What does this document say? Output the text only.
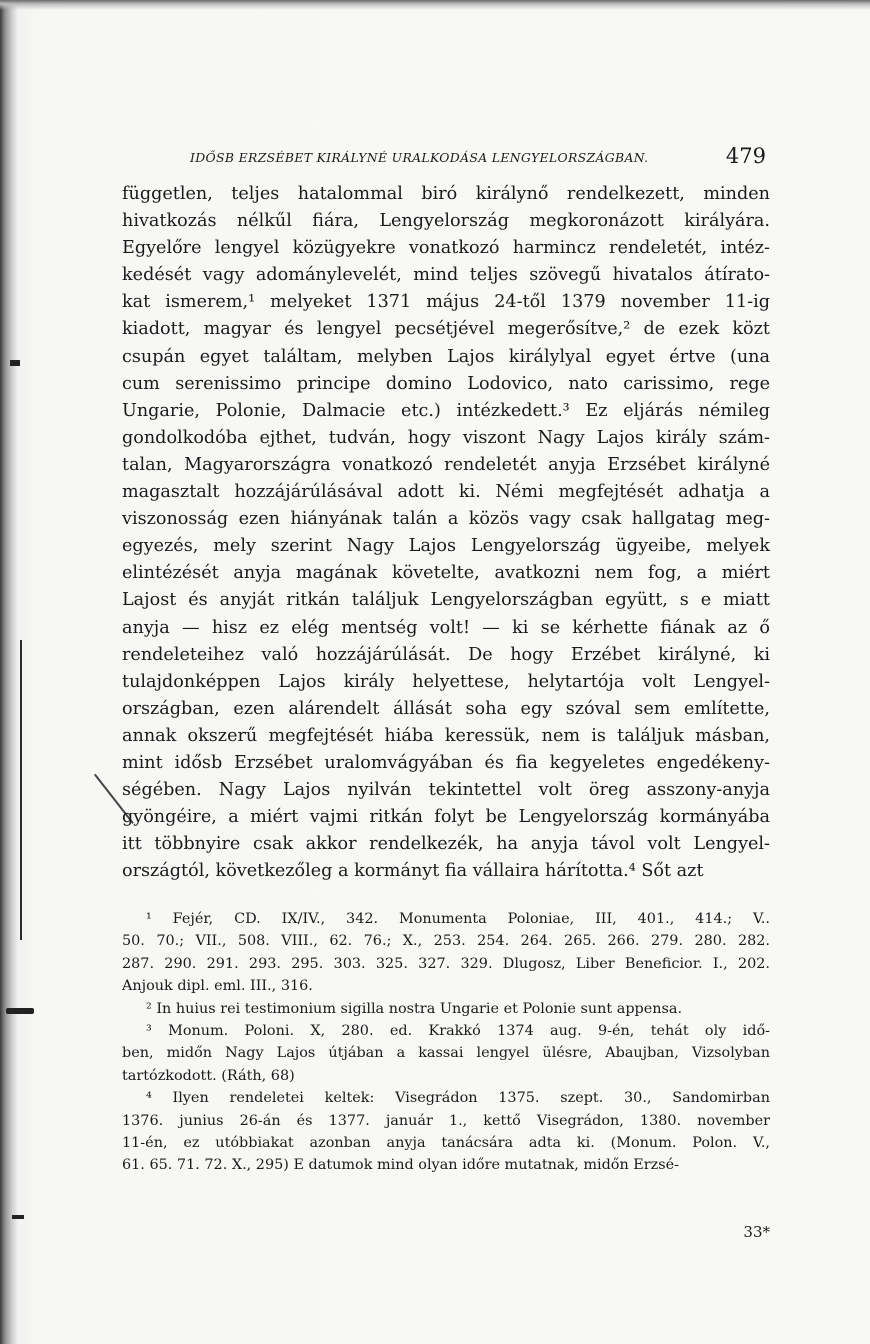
IDŐSB ERZSÉBET KIRÁLYNÉ URALKODÁSA LENGYELORSZÁGBAN.	479
független, teljes hatalommal biró királynő rendelkezett, minden
hivatkozás nélkűl fiára, Lengyelország megkoronázott királyára.
Egyelőre lengyel közügyekre vonatkozó harmincz rendeletét, intéz-
kedését vagy adománylevelét, mind teljes szövegű hivatalos átírato-
kat ismerem,¹ melyeket 1371 május 24-től 1379 november 11-ig
kiadott, magyar és lengyel pecsétjével megerősítve,² de ezek közt
csupán egyet találtam, melyben Lajos királylyal egyet értve (una
cum serenissimo principe domino Lodovico, nato carissimo, rege
Ungarie, Polonie, Dalmacie etc.) intézkedett.³ Ez eljárás némileg
gondolkodóba ejthet, tudván, hogy viszont Nagy Lajos király szám-
talan, Magyarországra vonatkozó rendeletét anyja Erzsébet királyné
magasztalt hozzájárúlásával adott ki. Némi megfejtését adhatja a
viszonosság ezen hiányának talán a közös vagy csak hallgatag meg-
egyezés, mely szerint Nagy Lajos Lengyelország ügyeibe, melyek
elintézését anyja magának követelte, avatkozni nem fog, a miért
Lajost és anyját ritkán találjuk Lengyelországban együtt, s e miatt
anyja — hisz ez elég mentség volt! — ki se kérhette fiának az ő
rendeleteihez való hozzájárúlását. De hogy Erzébet királyné, ki
tulajdonképpen Lajos király helyettese, helytartója volt Lengyel-
országban, ezen alárendelt állását soha egy szóval sem említette,
annak okszerű megfejtését hiába keressük, nem is találjuk másban,
mint idősb Erzsébet uralomvágyában és fia kegyeletes engedékeny-
ségében. Nagy Lajos nyilván tekintettel volt öreg asszony-anyja
gyöngéire, a miért vajmi ritkán folyt be Lengyelország kormányába
itt többnyire csak akkor rendelkezék, ha anyja távol volt Lengyel-
országtól, következőleg a kormányt fia vállaira hárította.⁴ Sőt azt
¹ Fejér, CD. IX/IV., 342. Monumenta Poloniae, III, 401., 414.; V..
50. 70.; VII., 508. VIII., 62. 76.; X., 253. 254. 264. 265. 266. 279. 280. 282.
287. 290. 291. 293. 295. 303. 325. 327. 329. Dlugosz, Liber Beneficior. I., 202.
Anjouk dipl. eml. III., 316.
² In huius rei testimonium sigilla nostra Ungarie et Polonie sunt appensa.
³ Monum. Poloni. X, 280. ed. Krakkó 1374 aug. 9-én, tehát oly idő-
ben, midőn Nagy Lajos útjában a kassai lengyel ülésre, Abaujban, Vizsolyban
tartózkodott. (Ráth, 68)
⁴ Ilyen rendeletei keltek: Visegrádon 1375. szept. 30., Sandomirban
1376. junius 26-án és 1377. január 1., kettő Visegrádon, 1380. november
11-én, ez utóbbiakat azonban anyja tanácsára adta ki. (Monum. Polon. V.,
61. 65. 71. 72. X., 295) E datumok mind olyan időre mutatnak, midőn Erzsé-
33*
